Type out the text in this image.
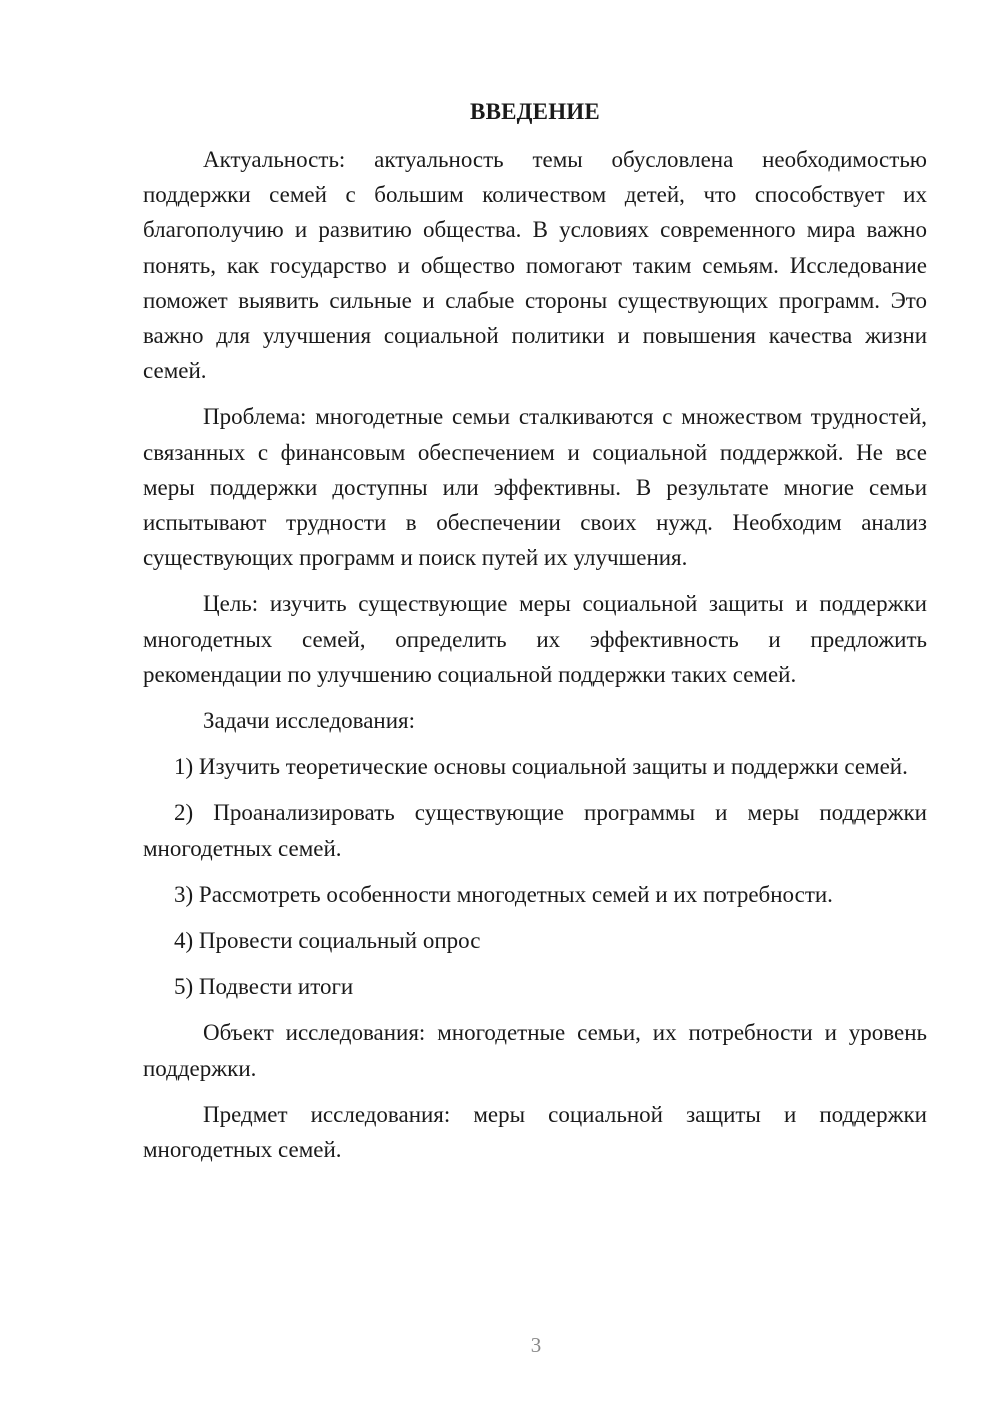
ВВЕДЕНИЕ

Актуальность: актуальность темы обусловлена необходимостью поддержки семей с большим количеством детей, что способствует их благополучию и развитию общества. В условиях современного мира важно понять, как государство и общество помогают таким семьям. Исследование поможет выявить сильные и слабые стороны существующих программ. Это важно для улучшения социальной политики и повышения качества жизни семей.

Проблема: многодетные семьи сталкиваются с множеством трудностей, связанных с финансовым обеспечением и социальной поддержкой. Не все меры поддержки доступны или эффективны. В результате многие семьи испытывают трудности в обеспечении своих нужд. Необходим анализ существующих программ и поиск путей их улучшения.

Цель: изучить существующие меры социальной защиты и поддержки многодетных семей, определить их эффективность и предложить рекомендации по улучшению социальной поддержки таких семей.

Задачи исследования:

1) Изучить теоретические основы социальной защиты и поддержки семей.

2) Проанализировать существующие программы и меры поддержки многодетных семей.

3) Рассмотреть особенности многодетных семей и их потребности.

4) Провести социальный опрос

5) Подвести итоги

Объект исследования: многодетные семьи, их потребности и уровень поддержки.

Предмет исследования: меры социальной защиты и поддержки многодетных семей.

3
